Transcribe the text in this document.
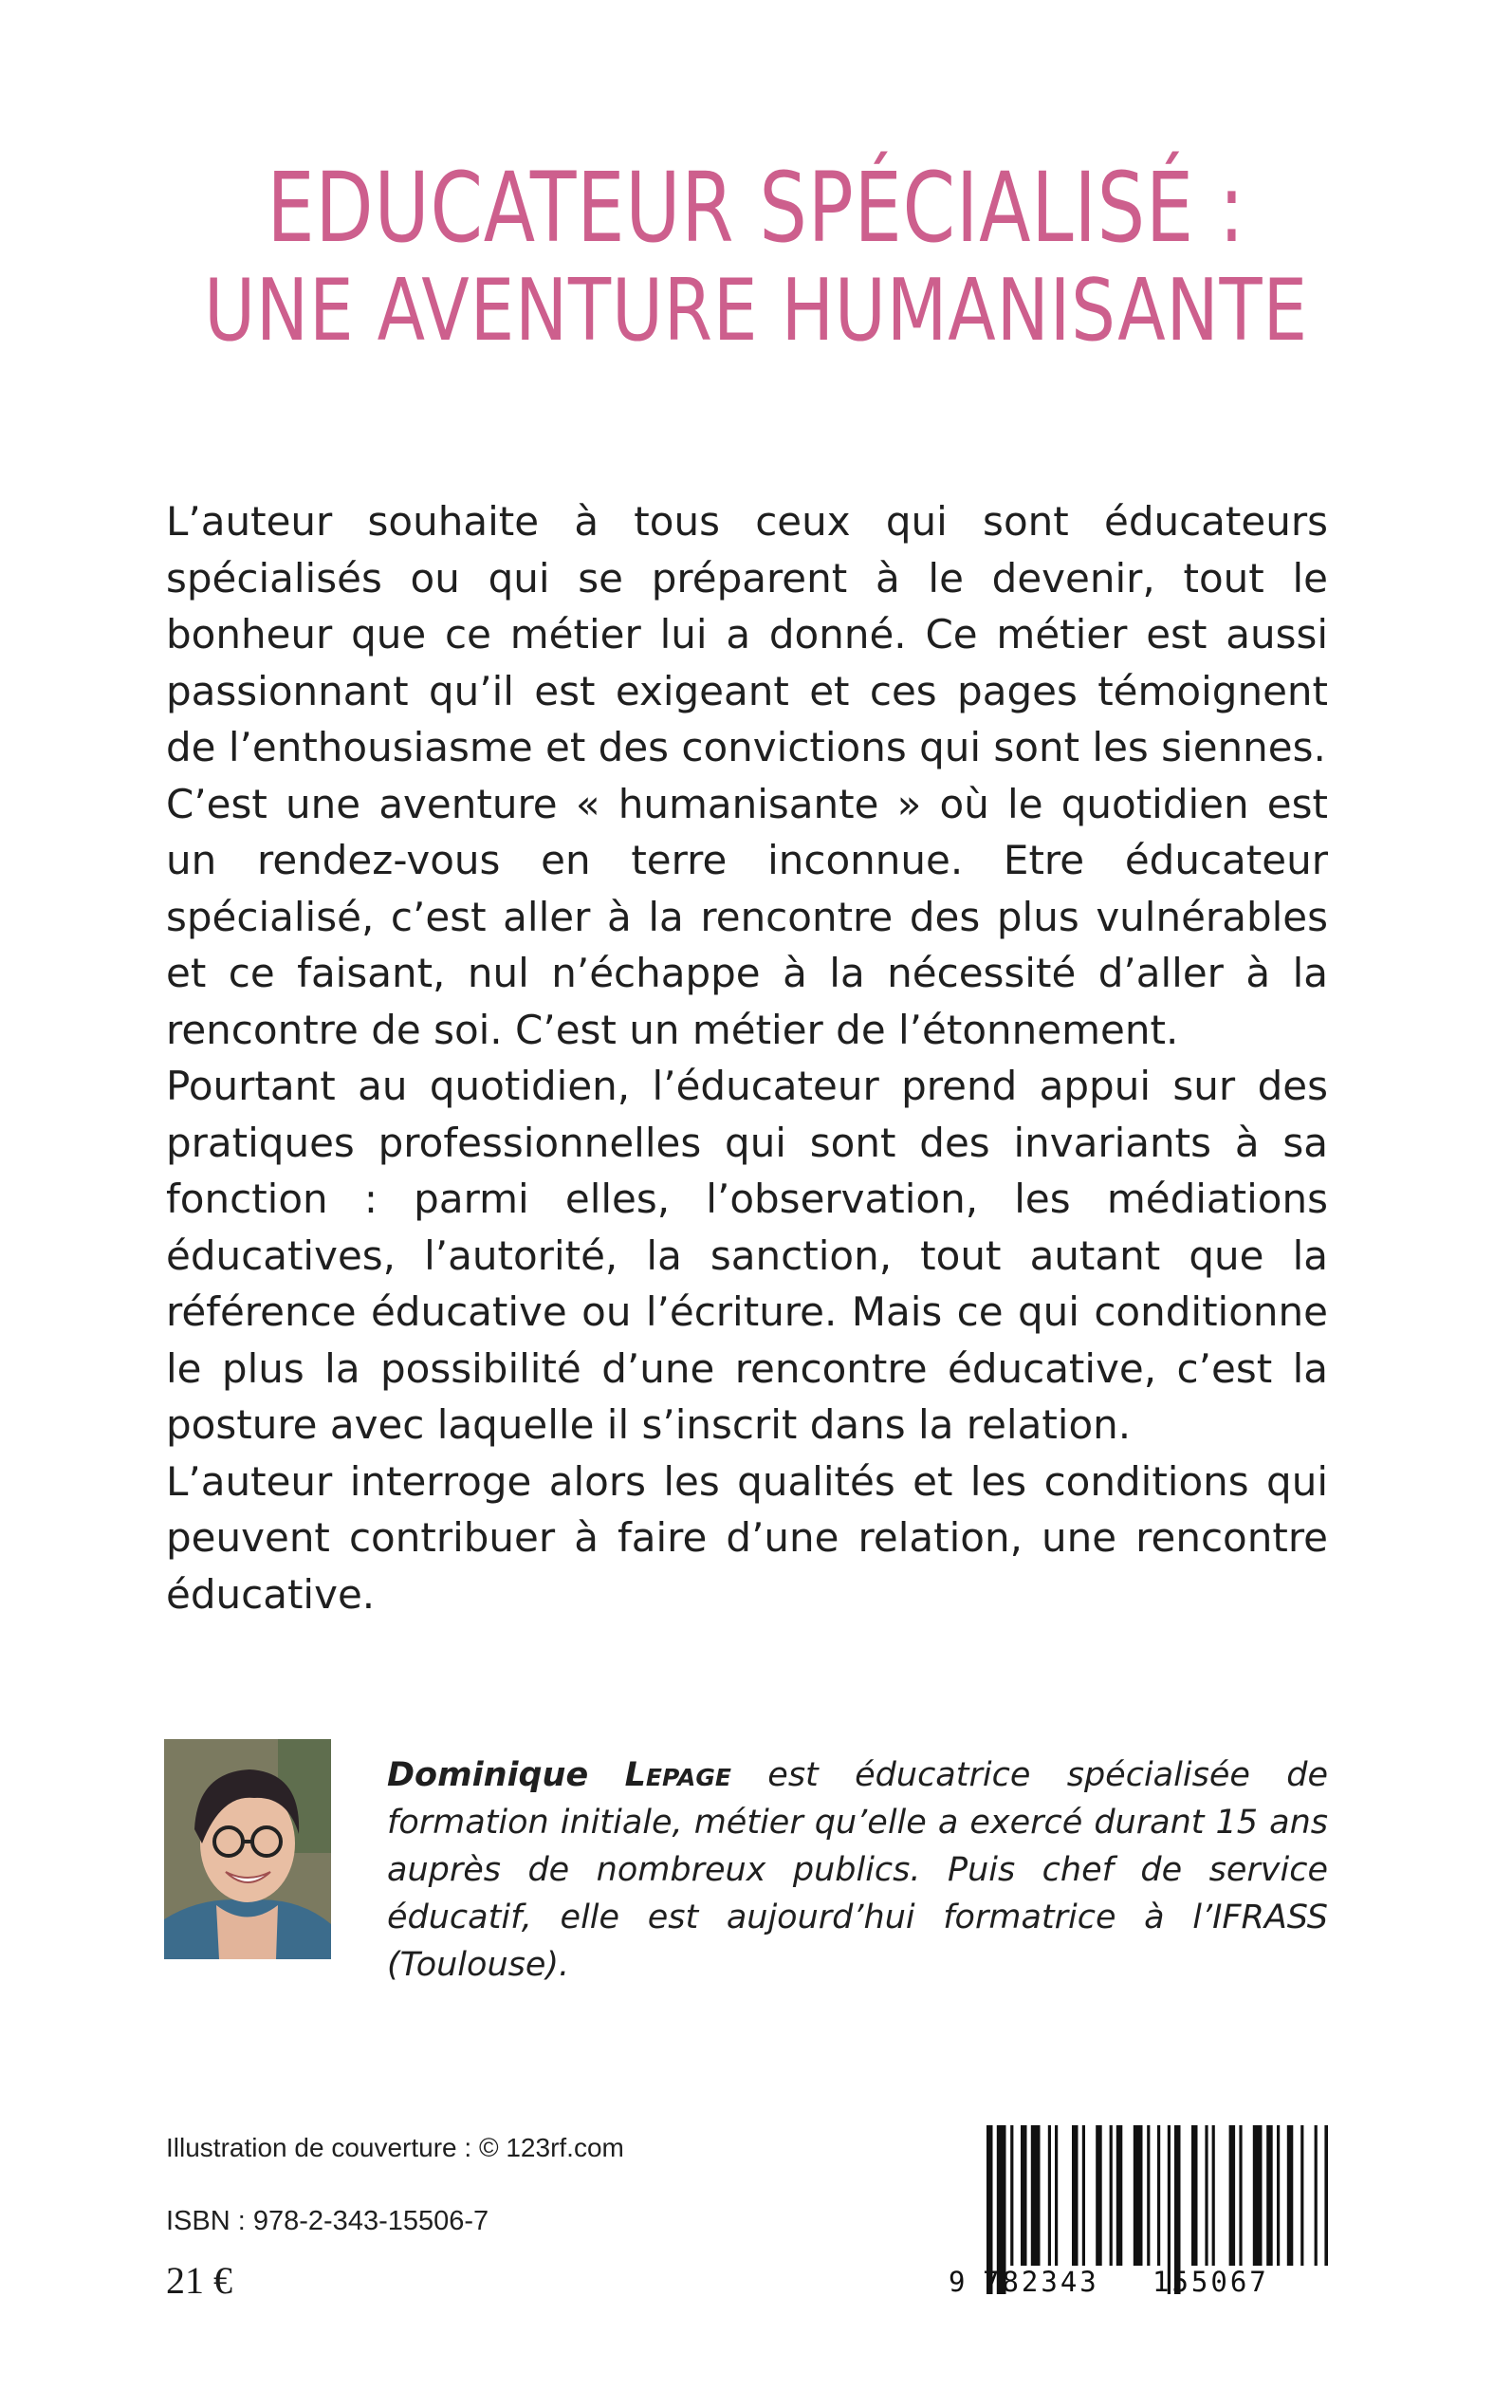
EDUCATEUR SPÉCIALISÉ :
UNE AVENTURE HUMANISANTE

L’auteur souhaite à tous ceux qui sont éducateurs spécialisés ou qui se préparent à le devenir, tout le bonheur que ce métier lui a donné. Ce métier est aussi passionnant qu’il est exigeant et ces pages témoignent de l’enthousiasme et des convictions qui sont les siennes.

C’est une aventure « humanisante » où le quotidien est un rendez-vous en terre inconnue. Etre éducateur spécialisé, c’est aller à la rencontre des plus vulnérables et ce faisant, nul n’échappe à la nécessité d’aller à la rencontre de soi. C’est un métier de l’étonnement.

Pourtant au quotidien, l’éducateur prend appui sur des pratiques professionnelles qui sont des invariants à sa fonction : parmi elles, l’observation, les médiations éducatives, l’autorité, la sanction, tout autant que la référence éducative ou l’écriture. Mais ce qui conditionne le plus la possibilité d’une rencontre éducative, c’est la posture avec laquelle il s’inscrit dans la relation.

L’auteur interroge alors les qualités et les conditions qui peuvent contribuer à faire d’une relation, une rencontre éducative.

Dominique Lepage est éducatrice spécialisée de formation initiale, métier qu’elle a exercé durant 15 ans auprès de nombreux publics. Puis chef de service éducatif, elle est aujourd’hui formatrice à l’IFRASS (Toulouse).
Illustration de couverture : © 123rf.com
ISBN : 978-2-343-15506-7
21 €	9 782343 155067
